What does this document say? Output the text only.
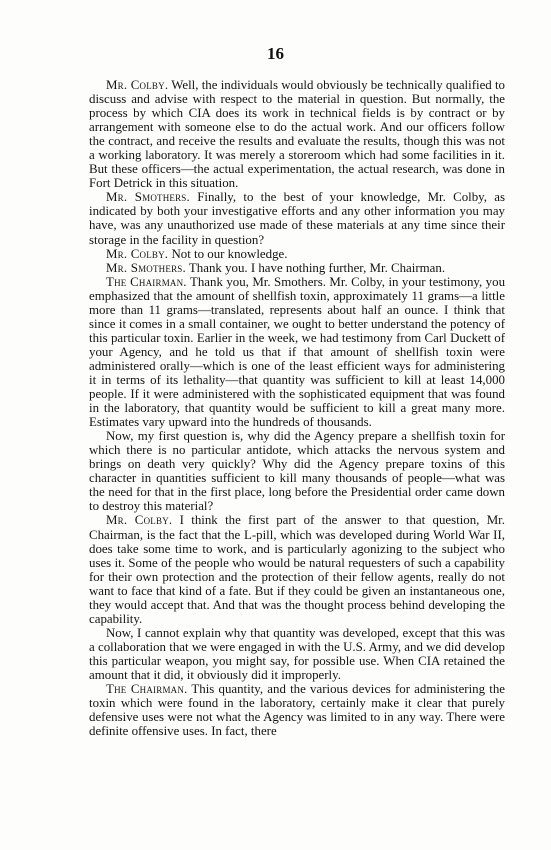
16

Mr. Colby. Well, the individuals would obviously be technically qualified to discuss and advise with respect to the material in question. But normally, the process by which CIA does its work in technical fields is by contract or by arrangement with someone else to do the actual work. And our officers follow the contract, and receive the results and evaluate the results, though this was not a working laboratory. It was merely a storeroom which had some facilities in it. But these officers—the actual experimentation, the actual research, was done in Fort Detrick in this situation.

Mr. Smothers. Finally, to the best of your knowledge, Mr. Colby, as indicated by both your investigative efforts and any other information you may have, was any unauthorized use made of these materials at any time since their storage in the facility in question?

Mr. Colby. Not to our knowledge.

Mr. Smothers. Thank you. I have nothing further, Mr. Chairman.

The Chairman. Thank you, Mr. Smothers. Mr. Colby, in your testimony, you emphasized that the amount of shellfish toxin, approximately 11 grams—a little more than 11 grams—translated, represents about half an ounce. I think that since it comes in a small container, we ought to better understand the potency of this particular toxin. Earlier in the week, we had testimony from Carl Duckett of your Agency, and he told us that if that amount of shellfish toxin were administered orally—which is one of the least efficient ways for administering it in terms of its lethality—that quantity was sufficient to kill at least 14,000 people. If it were administered with the sophisticated equipment that was found in the laboratory, that quantity would be sufficient to kill a great many more. Estimates vary upward into the hundreds of thousands.

Now, my first question is, why did the Agency prepare a shellfish toxin for which there is no particular antidote, which attacks the nervous system and brings on death very quickly? Why did the Agency prepare toxins of this character in quantities sufficient to kill many thousands of people—what was the need for that in the first place, long before the Presidential order came down to destroy this material?

Mr. Colby. I think the first part of the answer to that question, Mr. Chairman, is the fact that the L-pill, which was developed during World War II, does take some time to work, and is particularly agonizing to the subject who uses it. Some of the people who would be natural requesters of such a capability for their own protection and the protection of their fellow agents, really do not want to face that kind of a fate. But if they could be given an instantaneous one, they would accept that. And that was the thought process behind developing the capability.

Now, I cannot explain why that quantity was developed, except that this was a collaboration that we were engaged in with the U.S. Army, and we did develop this particular weapon, you might say, for possible use. When CIA retained the amount that it did, it obviously did it improperly.

The Chairman. This quantity, and the various devices for administering the toxin which were found in the laboratory, certainly make it clear that purely defensive uses were not what the Agency was limited to in any way. There were definite offensive uses. In fact, there
